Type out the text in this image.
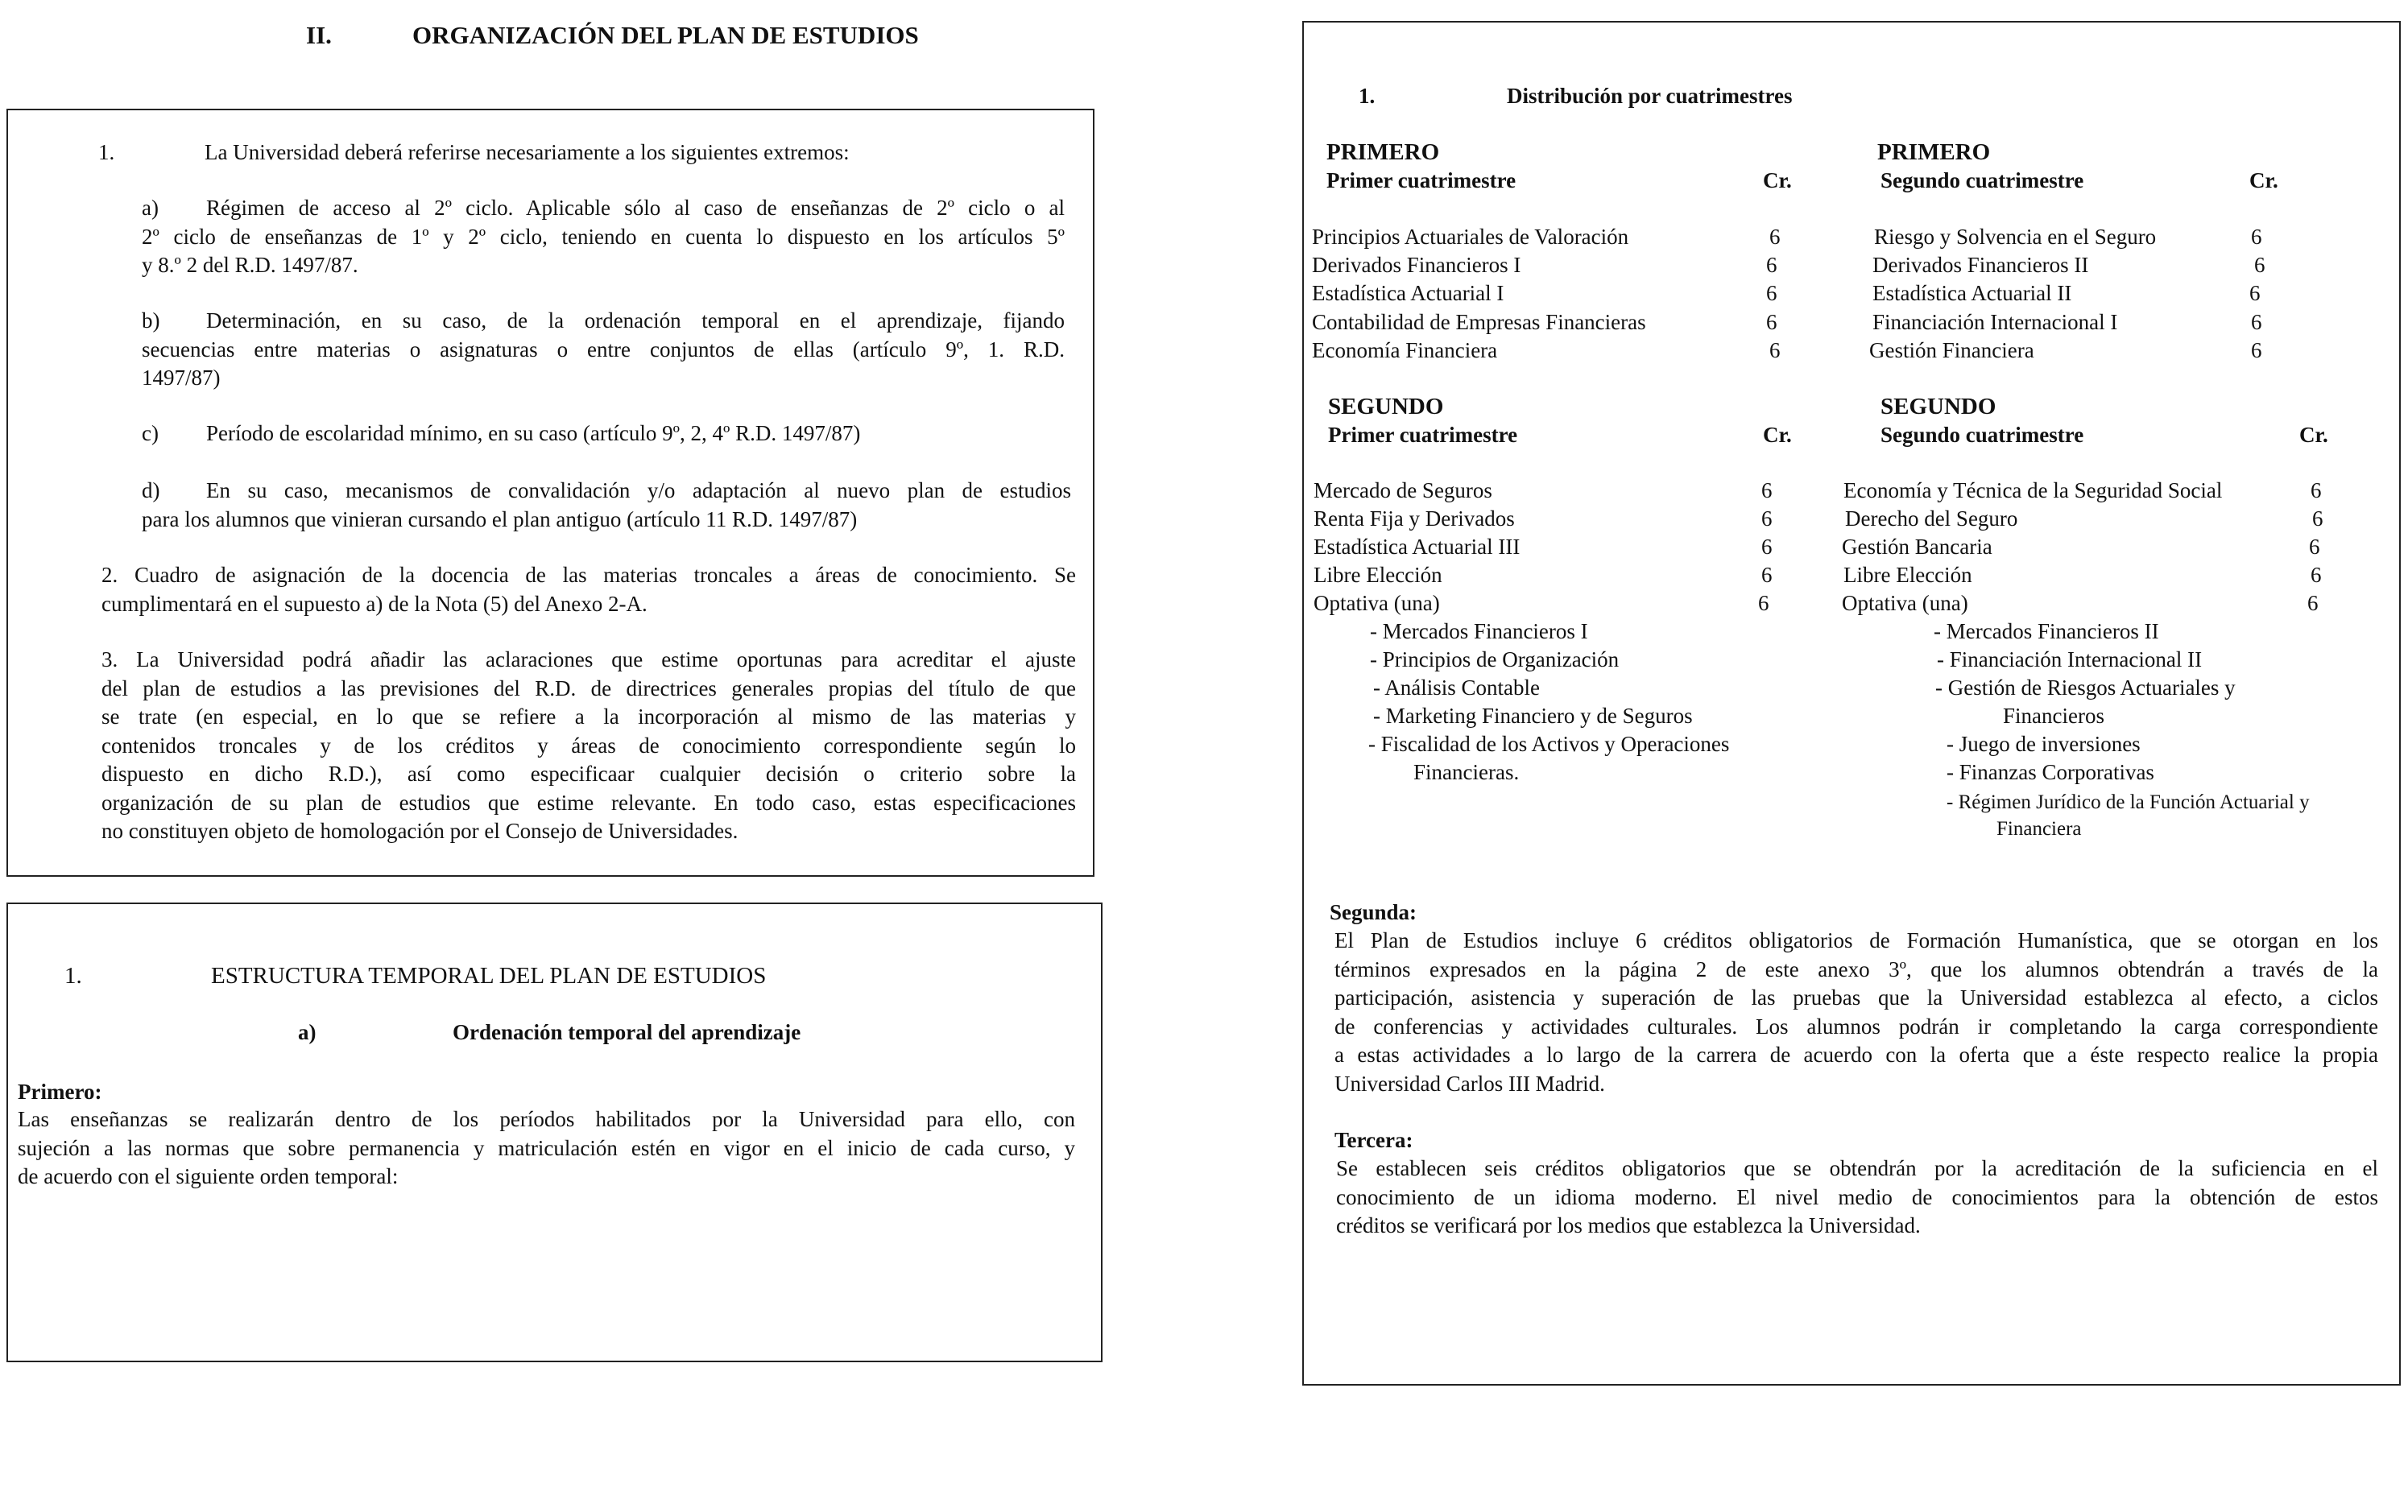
II.	ORGANIZACIÓN DEL PLAN DE ESTUDIOS
1.	La Universidad deberá referirse necesariamente a los siguientes extremos:
a)	Régimen de acceso al 2º ciclo. Aplicable sólo al caso de enseñanzas de 2º ciclo o al
2º ciclo de enseñanzas de 1º y 2º ciclo, teniendo en cuenta lo dispuesto en los artículos 5º
y 8.º 2 del R.D. 1497/87.
b)	Determinación, en su caso, de la ordenación temporal en el aprendizaje, fijando
secuencias entre materias o asignaturas o entre conjuntos de ellas (artículo 9º, 1. R.D.
1497/87)
c) Período de escolaridad mínimo, en su caso (artículo 9º, 2, 4º R.D. 1497/87)
d)	En su caso, mecanismos de convalidación y/o adaptación al nuevo plan de estudios
para los alumnos que vinieran cursando el plan antiguo (artículo 11 R.D. 1497/87)
2. Cuadro de asignación de la docencia de las materias troncales a áreas de conocimiento. Se
cumplimentará en el supuesto a) de la Nota (5) del Anexo 2-A.
3. La Universidad podrá añadir las aclaraciones que estime oportunas para acreditar el ajuste
del plan de estudios a las previsiones del R.D. de directrices generales propias del título de que
se trate (en especial, en lo que se refiere a la incorporación al mismo de las materias y
contenidos troncales y de los créditos y áreas de conocimiento correspondiente según lo
dispuesto en dicho R.D.), así como especificaar cualquier decisión o criterio sobre la
organización de su plan de estudios que estime relevante. En todo caso, estas especificaciones
no constituyen objeto de homologación por el Consejo de Universidades.
1.	ESTRUCTURA TEMPORAL DEL PLAN DE ESTUDIOS
a)	Ordenación temporal del aprendizaje
Primero:
Las enseñanzas se realizarán dentro de los períodos habilitados por la Universidad para ello, con
sujeción a las normas que sobre permanencia y matriculación estén en vigor en el inicio de cada curso, y
de acuerdo con el siguiente orden temporal:
1.	Distribución por cuatrimestres
PRIMERO
Primer cuatrimestre	Cr.
Principios Actuariales de Valoración	6
Derivados Financieros I	6
Estadística Actuarial I	6
Contabilidad de Empresas Financieras	6
Economía Financiera	6
PRIMERO
Segundo cuatrimestre	Cr.
Riesgo y Solvencia en el Seguro	6
Derivados Financieros II	6
Estadística Actuarial II	6
Financiación Internacional I	6
Gestión Financiera	6
SEGUNDO
Primer cuatrimestre	Cr.
Mercado de Seguros	6
Renta Fija y Derivados	6
Estadística Actuarial III	6
Libre Elección	6
Optativa (una)	6
- Mercados Financieros I
- Principios de Organización
- Análisis Contable
- Marketing Financiero y de Seguros
- Fiscalidad de los Activos y Operaciones
Financieras.
SEGUNDO
Segundo cuatrimestre	Cr.
Economía y Técnica de la Seguridad Social	6
Derecho del Seguro	6
Gestión Bancaria	6
Libre Elección	6
Optativa (una)	6
- Mercados Financieros II
- Financiación Internacional II
- Gestión de Riesgos Actuariales y
Financieros
- Juego de inversiones
- Finanzas Corporativas
- Régimen Jurídico de la Función Actuarial y
Financiera
Segunda:
El Plan de Estudios incluye 6 créditos obligatorios de Formación Humanística, que se otorgan en los
términos expresados en la página 2 de este anexo 3º, que los alumnos obtendrán a través de la
participación, asistencia y superación de las pruebas que la Universidad establezca al efecto, a ciclos
de conferencias y actividades culturales. Los alumnos podrán ir completando la carga correspondiente
a estas actividades a lo largo de la carrera de acuerdo con la oferta que a éste respecto realice la propia
Universidad Carlos III Madrid.
Tercera:
Se establecen seis créditos obligatorios que se obtendrán por la acreditación de la suficiencia en el
conocimiento de un idioma moderno. El nivel medio de conocimientos para la obtención de estos
créditos se verificará por los medios que establezca la Universidad.
